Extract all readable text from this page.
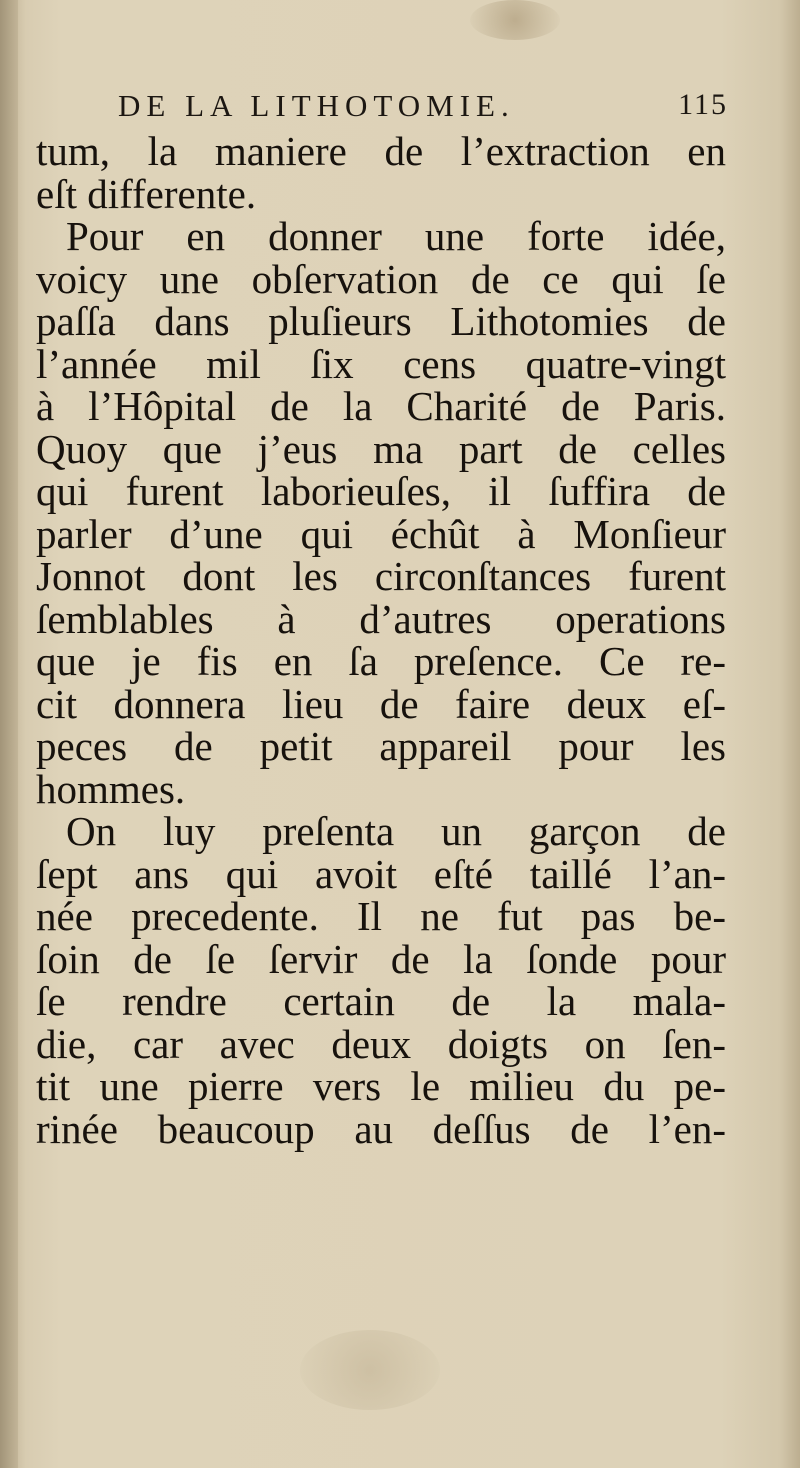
DE LA LITHOTOMIE.	115
tum, la maniere de l’extraction en
eſt differente.
Pour en donner une forte idée,
voicy une obſervation de ce qui ſe
paſſa dans pluſieurs Lithotomies de
l’année mil ſix cens quatre-vingt
à l’Hôpital de la Charité de Paris.
Quoy que j’eus ma part de celles
qui furent laborieuſes, il ſuffira de
parler d’une qui échût à Monſieur
Jonnot dont les circonſtances furent
ſemblables à d’autres operations
que je fis en ſa preſence. Ce re-
cit donnera lieu de faire deux eſ-
peces de petit appareil pour les
hommes.
On luy preſenta un garçon de
ſept ans qui avoit eſté taillé l’an-
née precedente. Il ne fut pas be-
ſoin de ſe ſervir de la ſonde pour
ſe rendre certain de la mala-
die, car avec deux doigts on ſen-
tit une pierre vers le milieu du pe-
rinée beaucoup au deſſus de l’en-
